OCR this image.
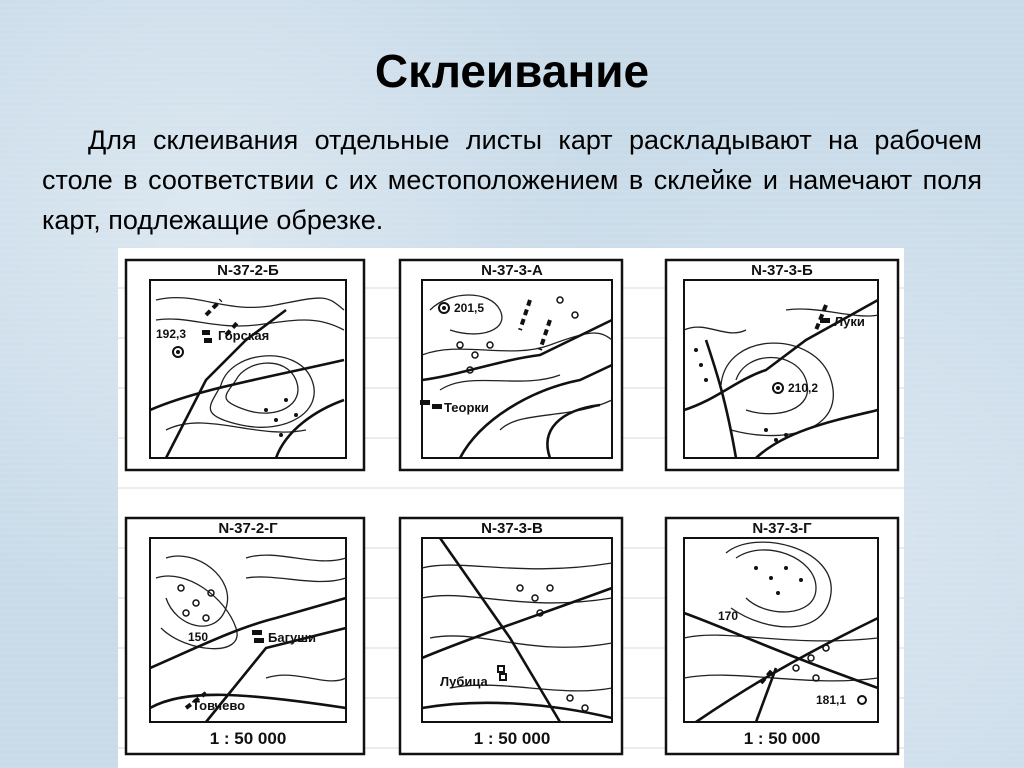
Склеивание
Для склеивания отдельные листы карт раскладывают на рабочем столе в соответствии с их местоположением в склейке и намечают поля карт, подлежащие обрезке.
N-37-2-Б
192,3 Горская
N-37-3-А
201,5
Теорки
N-37-3-Б
210,2
Луки
N-37-2-Г
150	Багуши
Товчево
1 : 50 000
N-37-3-В
Лубица
1 : 50 000
N-37-3-Г
170
181,1
1 : 50 000
